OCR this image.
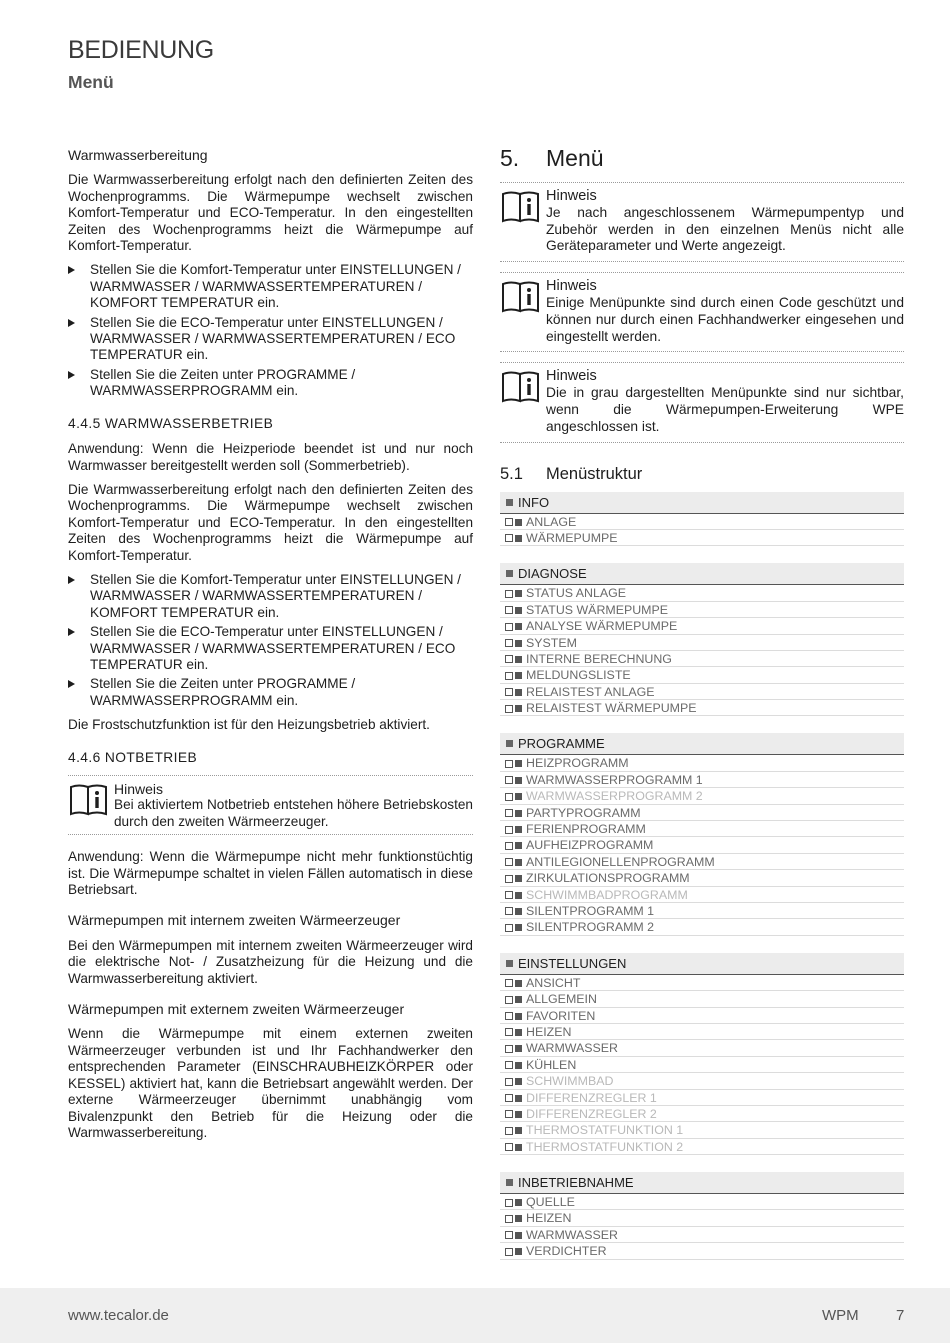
BEDIENUNG
Menü
Warmwasserbereitung

Die Warmwasserbereitung erfolgt nach den definierten Zeiten des Wochenprogramms. Die Wärmepumpe wechselt zwischen Komfort-Temperatur und ECO-Temperatur. In den eingestellten Zeiten des Wochenprogramms heizt die Wärmepumpe auf Komfort-Temperatur.

Stellen Sie die Komfort-Temperatur unter EINSTELLUNGEN / WARMWASSER / WARMWASSERTEMPERATUREN / KOMFORT TEMPERATUR ein.
Stellen Sie die ECO-Temperatur unter EINSTELLUNGEN / WARMWASSER / WARMWASSERTEMPERATUREN / ECO TEMPERATUR ein.
Stellen Sie die Zeiten unter PROGRAMME / WARMWASSERPROGRAMM ein.
4.4.5 WARMWASSERBETRIEB

Anwendung: Wenn die Heizperiode beendet ist und nur noch Warmwasser bereitgestellt werden soll (Sommerbetrieb).

Die Warmwasserbereitung erfolgt nach den definierten Zeiten des Wochenprogramms. Die Wärmepumpe wechselt zwischen Komfort-Temperatur und ECO-Temperatur. In den eingestellten Zeiten des Wochenprogramms heizt die Wärmepumpe auf Komfort-Temperatur.

Stellen Sie die Komfort-Temperatur unter EINSTELLUNGEN / WARMWASSER / WARMWASSERTEMPERATUREN / KOMFORT TEMPERATUR ein.
Stellen Sie die ECO-Temperatur unter EINSTELLUNGEN / WARMWASSER / WARMWASSERTEMPERATUREN / ECO TEMPERATUR ein.
Stellen Sie die Zeiten unter PROGRAMME / WARMWASSERPROGRAMM ein.

Die Frostschutzfunktion ist für den Heizungsbetrieb aktiviert.

4.4.6 NOTBETRIEB
Hinweis
Bei aktiviertem Notbetrieb entstehen höhere Betriebskosten durch den zweiten Wärmeerzeuger.

Anwendung: Wenn die Wärmepumpe nicht mehr funktionstüchtig ist. Die Wärmepumpe schaltet in vielen Fällen automatisch in diese Betriebsart.

Wärmepumpen mit internem zweiten Wärmeerzeuger

Bei den Wärmepumpen mit internem zweiten Wärmeerzeuger wird die elektrische Not- / Zusatzheizung für die Heizung und die Warmwasserbereitung aktiviert.

Wärmepumpen mit externem zweiten Wärmeerzeuger

Wenn die Wärmepumpe mit einem externen zweiten Wärmeerzeuger verbunden ist und Ihr Fachhandwerker den entsprechenden Parameter (EINSCHRAUBHEIZKÖRPER oder KESSEL) aktiviert hat, kann die Betriebsart angewählt werden. Der externe Wärmeerzeuger übernimmt unabhängig vom Bivalenzpunkt den Betrieb für die Heizung oder die Warmwasserbereitung.

5.	Menü
Hinweis
Je nach angeschlossenem Wärmepumpentyp und Zubehör werden in den einzelnen Menüs nicht alle Geräteparameter und Werte angezeigt.
Hinweis
Einige Menüpunkte sind durch einen Code geschützt und können nur durch einen Fachhandwerker eingesehen und eingestellt werden.
Hinweis
Die in grau dargestellten Menüpunkte sind nur sichtbar, wenn die Wärmepumpen-Erweiterung WPE angeschlossen ist.
5.1	Menüstruktur
INFO
ANLAGE
WÄRMEPUMPE
DIAGNOSE
STATUS ANLAGE
STATUS WÄRMEPUMPE
ANALYSE WÄRMEPUMPE
SYSTEM
INTERNE BERECHNUNG
MELDUNGSLISTE
RELAISTEST ANLAGE
RELAISTEST WÄRMEPUMPE
PROGRAMME
HEIZPROGRAMM
WARMWASSERPROGRAMM 1
WARMWASSERPROGRAMM 2
PARTYPROGRAMM
FERIENPROGRAMM
AUFHEIZPROGRAMM
ANTILEGIONELLENPROGRAMM
ZIRKULATIONSPROGRAMM
SCHWIMMBADPROGRAMM
SILENTPROGRAMM 1
SILENTPROGRAMM 2
EINSTELLUNGEN
ANSICHT
ALLGEMEIN
FAVORITEN
HEIZEN
WARMWASSER
KÜHLEN
SCHWIMMBAD
DIFFERENZREGLER 1
DIFFERENZREGLER 2
THERMOSTATFUNKTION 1
THERMOSTATFUNKTION 2
INBETRIEBNAHME
QUELLE
HEIZEN
WARMWASSER
VERDICHTER
www.tecalor.de	WPM 7
